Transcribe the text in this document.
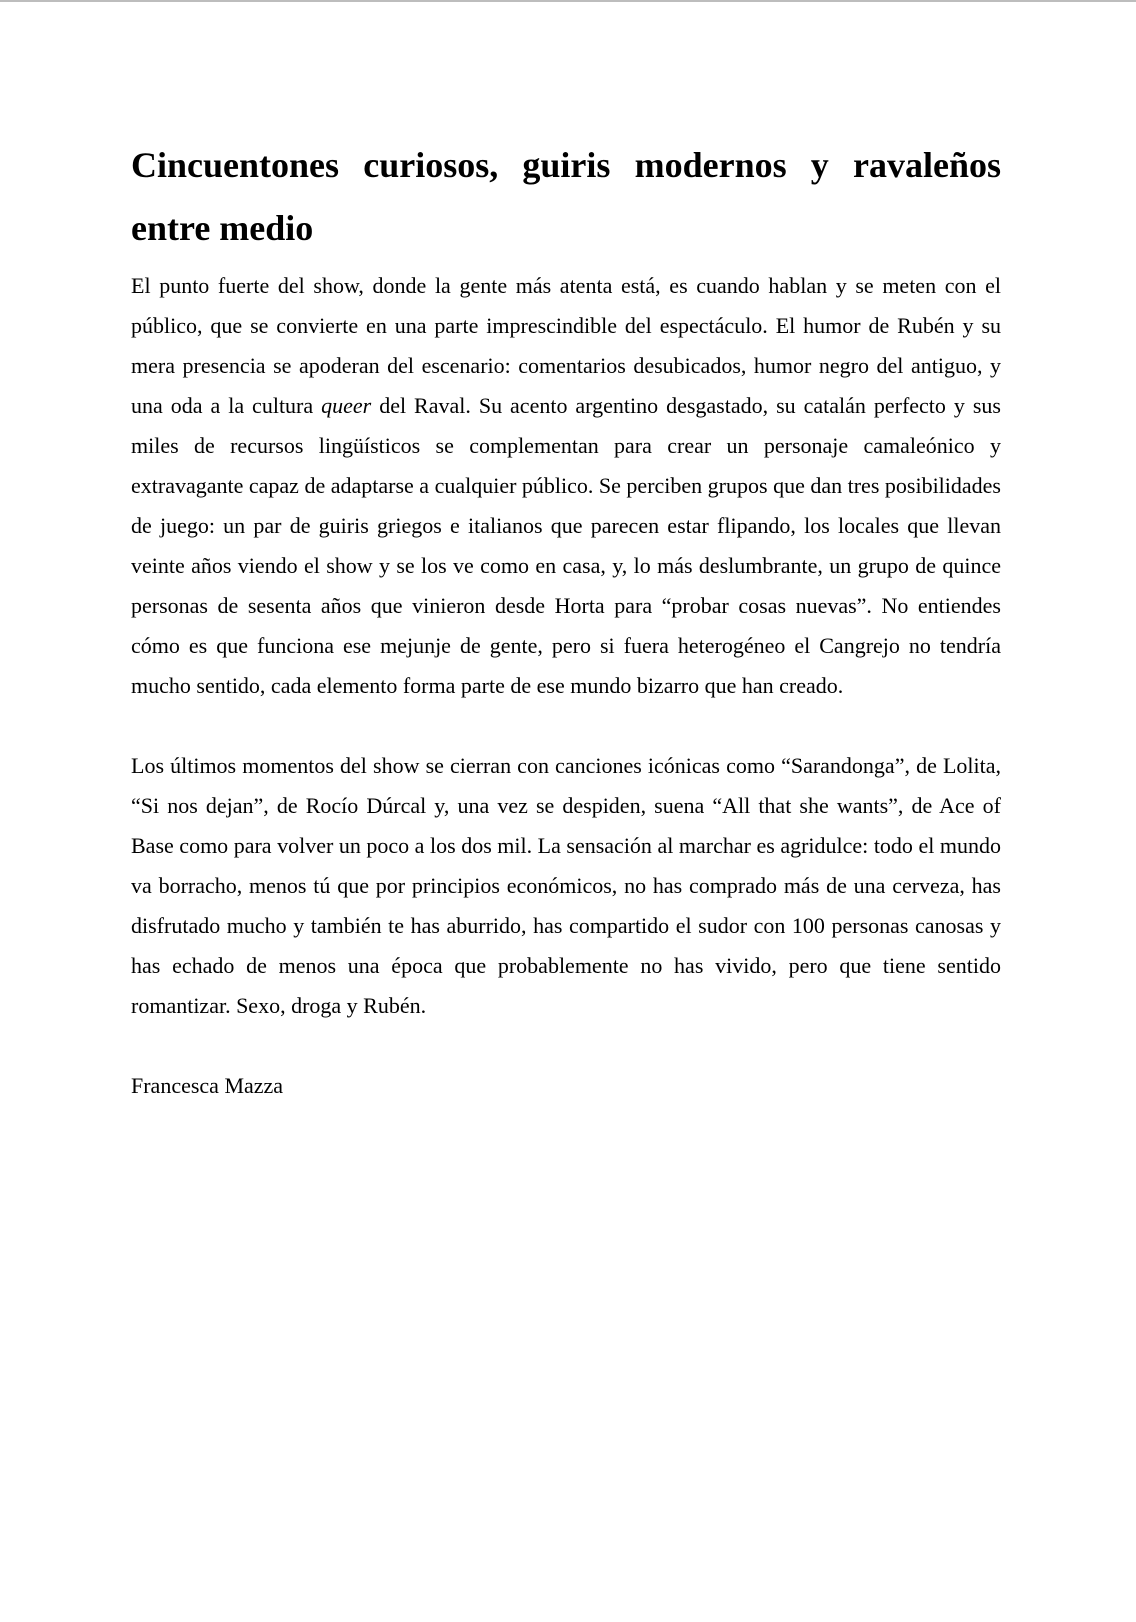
Cincuentones curiosos, guiris modernos y ravaleños entre medio

El punto fuerte del show, donde la gente más atenta está, es cuando hablan y se meten con el público, que se convierte en una parte imprescindible del espectáculo. El humor de Rubén y su mera presencia se apoderan del escenario: comentarios desubicados, humor negro del antiguo, y una oda a la cultura queer del Raval. Su acento argentino desgastado, su catalán perfecto y sus miles de recursos lingüísticos se complementan para crear un personaje camaleónico y extravagante capaz de adaptarse a cualquier público. Se perciben grupos que dan tres posibilidades de juego: un par de guiris griegos e italianos que parecen estar flipando, los locales que llevan veinte años viendo el show y se los ve como en casa, y, lo más deslumbrante, un grupo de quince personas de sesenta años que vinieron desde Horta para “probar cosas nuevas”. No entiendes cómo es que funciona ese mejunje de gente, pero si fuera heterogéneo el Cangrejo no tendría mucho sentido, cada elemento forma parte de ese mundo bizarro que han creado.

Los últimos momentos del show se cierran con canciones icónicas como “Sarandonga”, de Lolita, “Si nos dejan”, de Rocío Dúrcal y, una vez se despiden, suena “All that she wants”, de Ace of Base como para volver un poco a los dos mil. La sensación al marchar es agridulce: todo el mundo va borracho, menos tú que por principios económicos, no has comprado más de una cerveza, has disfrutado mucho y también te has aburrido, has compartido el sudor con 100 personas canosas y has echado de menos una época que probablemente no has vivido, pero que tiene sentido romantizar. Sexo, droga y Rubén.

Francesca Mazza
